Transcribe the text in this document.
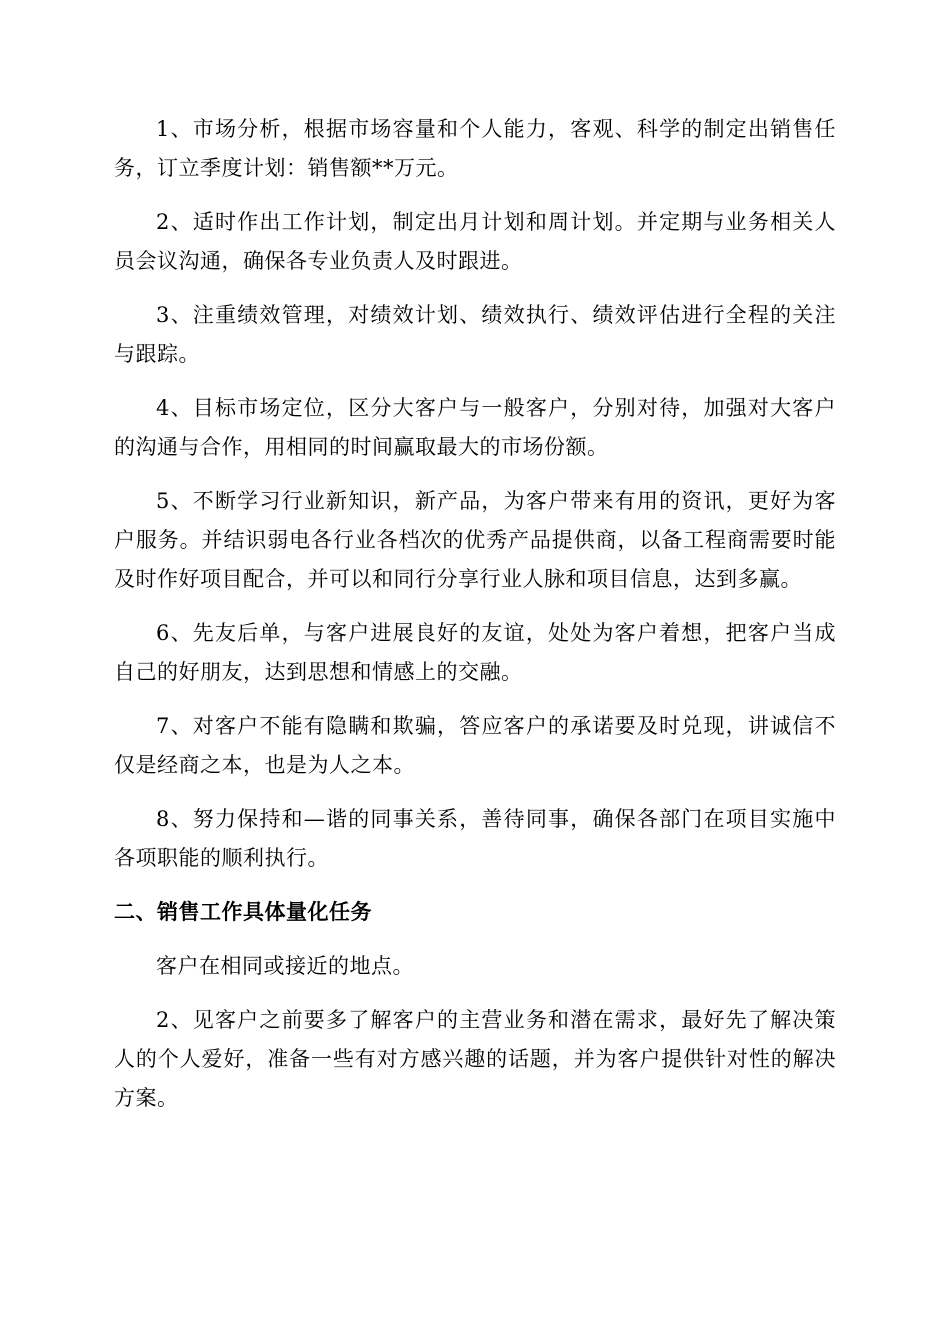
1、市场分析，根据市场容量和个人能力，客观、科学的制定出销售任务，订立季度计划：销售额**万元。

2、适时作出工作计划，制定出月计划和周计划。并定期与业务相关人员会议沟通，确保各专业负责人及时跟进。

3、注重绩效管理，对绩效计划、绩效执行、绩效评估进行全程的关注与跟踪。

4、目标市场定位，区分大客户与一般客户，分别对待，加强对大客户的沟通与合作，用相同的时间赢取最大的市场份额。

5、不断学习行业新知识，新产品，为客户带来有用的资讯，更好为客户服务。并结识弱电各行业各档次的优秀产品提供商，以备工程商需要时能及时作好项目配合，并可以和同行分享行业人脉和项目信息，达到多赢。

6、先友后单，与客户进展良好的友谊，处处为客户着想，把客户当成自己的好朋友，达到思想和情感上的交融。

7、对客户不能有隐瞒和欺骗，答应客户的承诺要及时兑现，讲诚信不仅是经商之本，也是为人之本。

8、努力保持和—谐的同事关系，善待同事，确保各部门在项目实施中各项职能的顺利执行。

二、销售工作具体量化任务

客户在相同或接近的地点。

2、见客户之前要多了解客户的主营业务和潜在需求，最好先了解决策人的个人爱好，准备一些有对方感兴趣的话题，并为客户提供针对性的解决方案。
